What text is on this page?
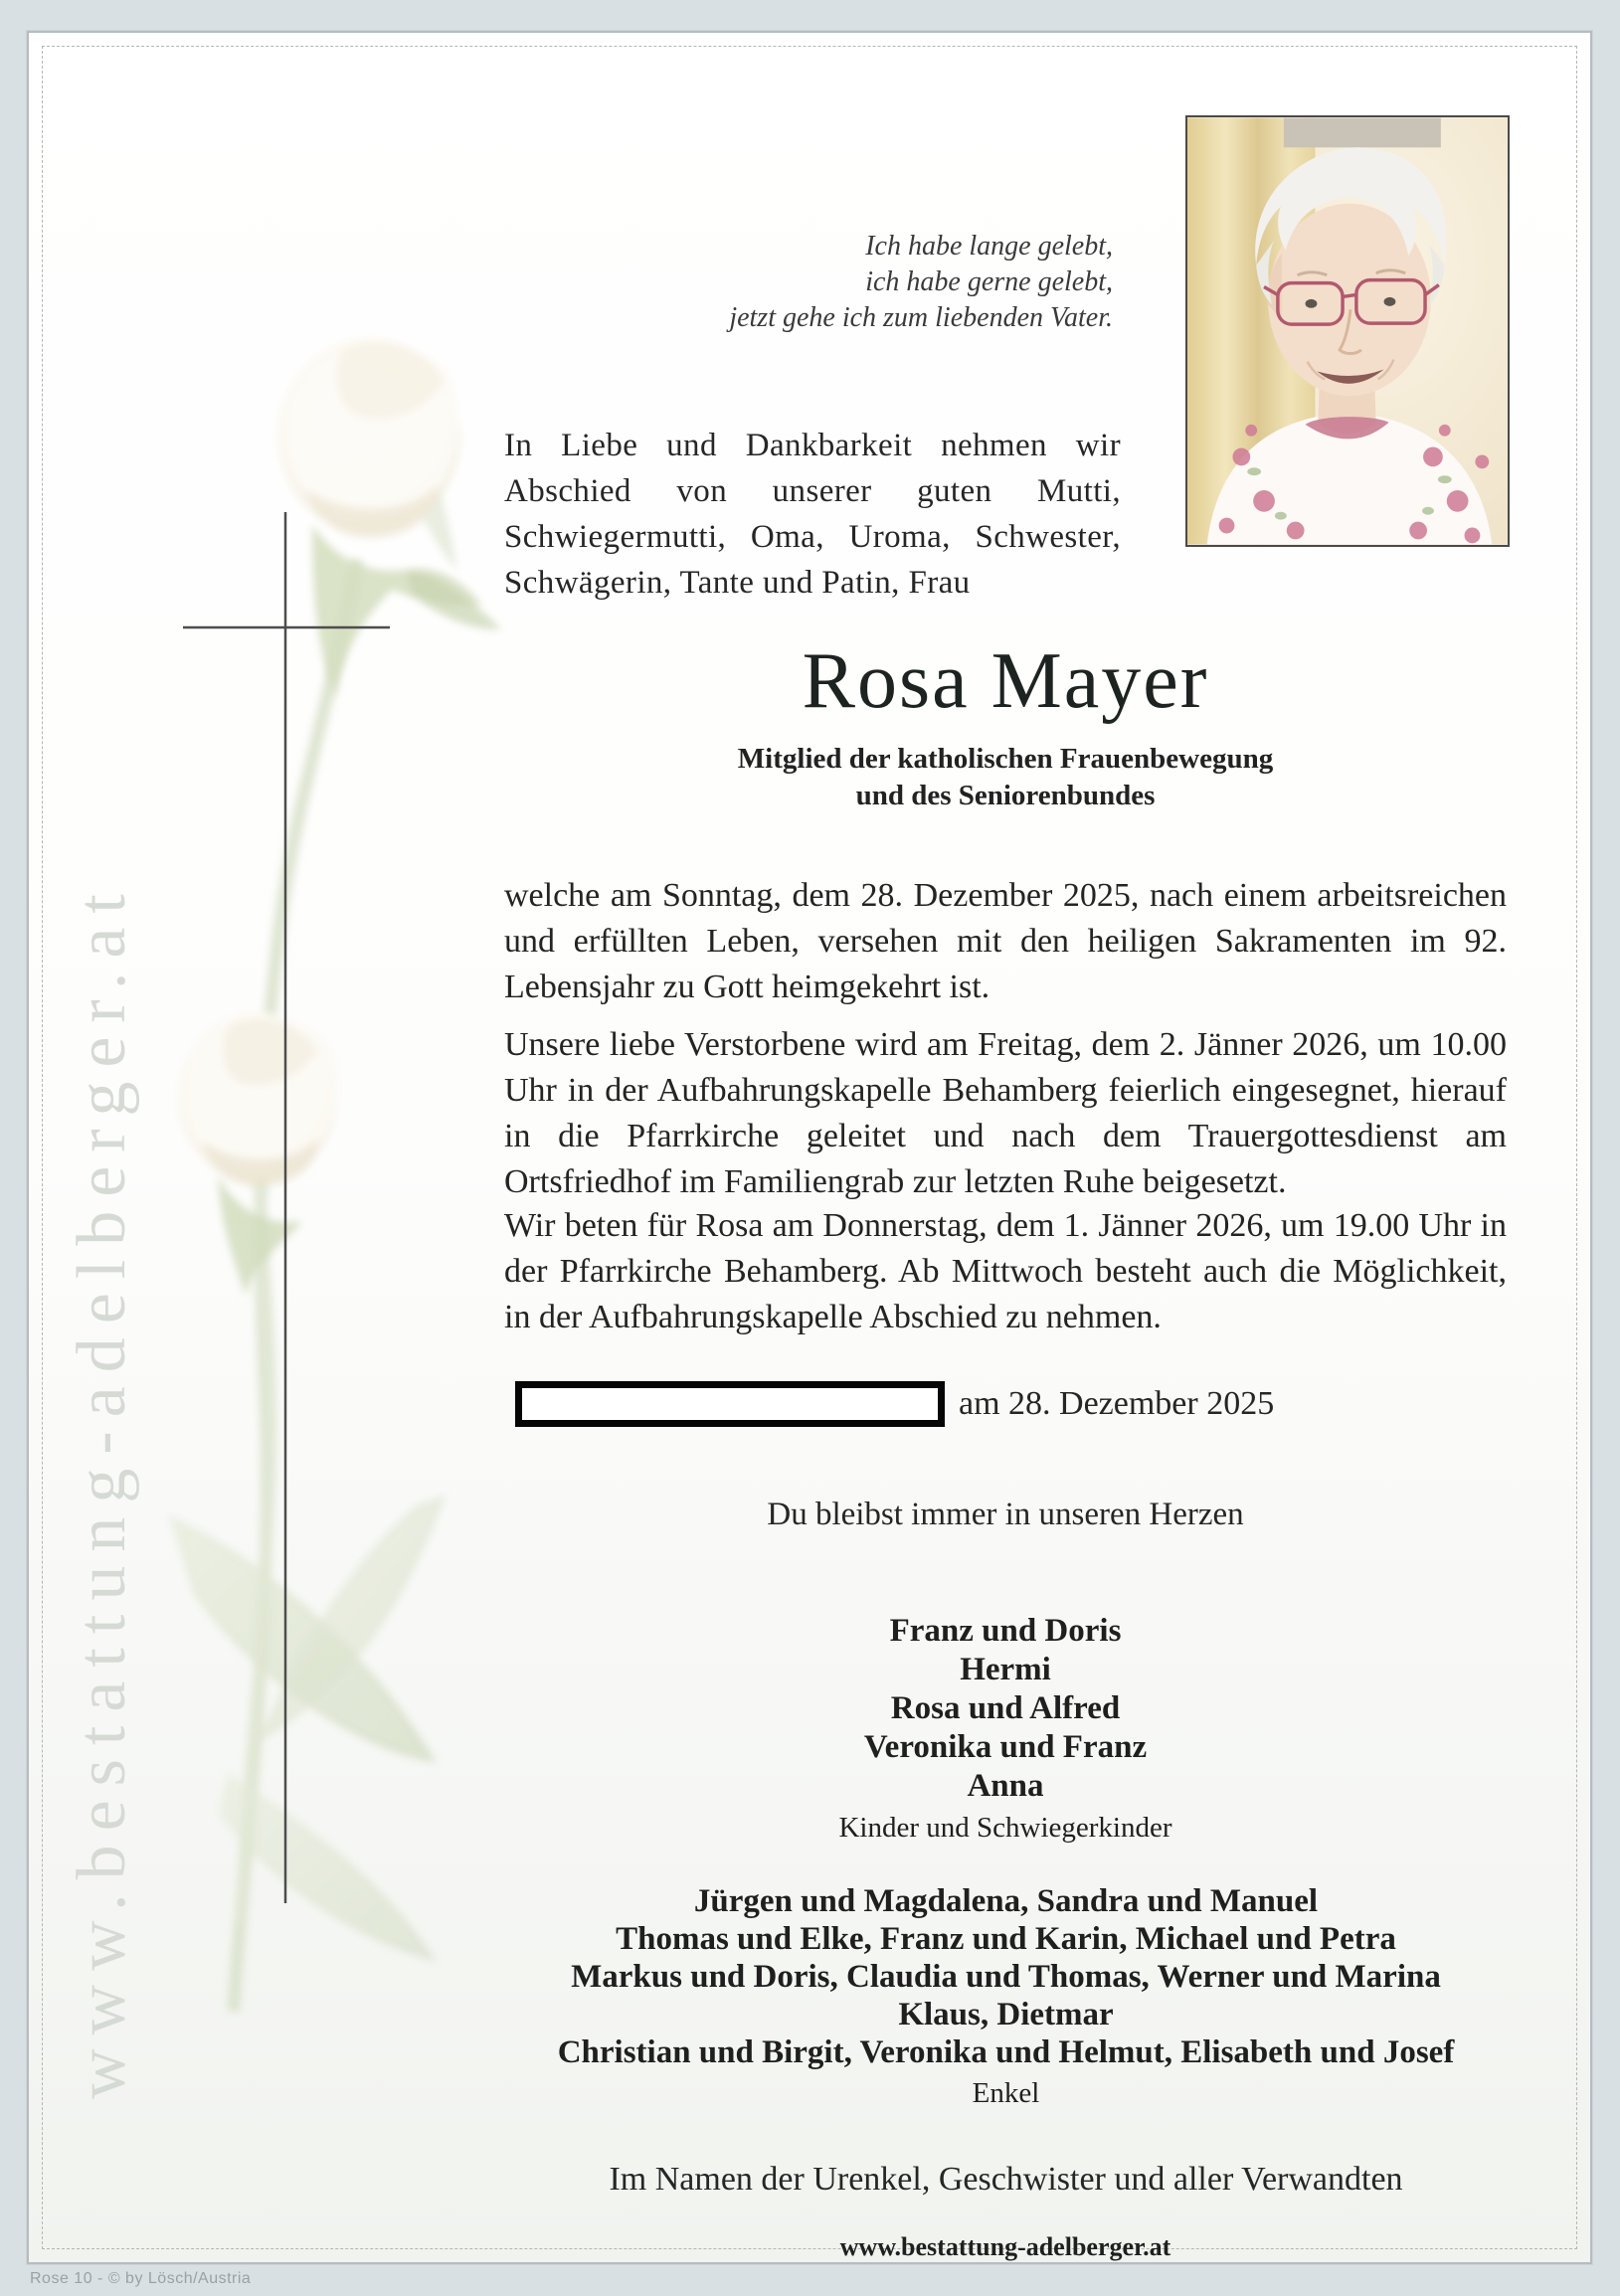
www.bestattung-adelberger.at
Ich habe lange gelebt,
ich habe gerne gelebt,
jetzt gehe ich zum liebenden Vater.
In Liebe und Dankbarkeit nehmen wir Abschied von unserer guten Mutti, Schwiegermutti, Oma, Uroma, Schwester, Schwägerin, Tante und Patin, Frau
Rosa Mayer
Mitglied der katholischen Frauenbewegung
und des Seniorenbundes
welche am Sonntag, dem 28. Dezember 2025, nach einem arbeitsreichen und erfüllten Leben, versehen mit den heiligen Sakramenten im 92. Lebensjahr zu Gott heimgekehrt ist.
Unsere liebe Verstorbene wird am Freitag, dem 2. Jänner 2026, um 10.00 Uhr in der Aufbahrungskapelle Behamberg feierlich eingesegnet, hierauf in die Pfarrkirche geleitet und nach dem Trauergottesdienst am Ortsfriedhof im Familiengrab zur letzten Ruhe beigesetzt.
Wir beten für Rosa am Donnerstag, dem 1. Jänner 2026, um 19.00 Uhr in der Pfarrkirche Behamberg. Ab Mittwoch besteht auch die Möglichkeit, in der Aufbahrungskapelle Abschied zu nehmen.
am 28. Dezember 2025
Du bleibst immer in unseren Herzen
Franz und Doris
Hermi
Rosa und Alfred
Veronika und Franz
Anna
Kinder und Schwiegerkinder
Jürgen und Magdalena, Sandra und Manuel
Thomas und Elke, Franz und Karin, Michael und Petra
Markus und Doris, Claudia und Thomas, Werner und Marina
Klaus, Dietmar
Christian und Birgit, Veronika und Helmut, Elisabeth und Josef
Enkel
Im Namen der Urenkel, Geschwister und aller Verwandten
www.bestattung-adelberger.at
Rose 10 - © by Lösch/Austria
